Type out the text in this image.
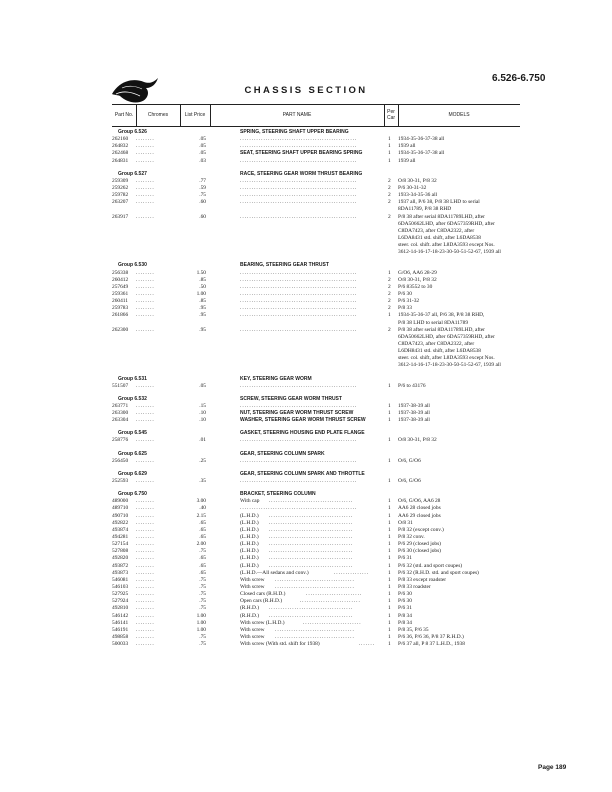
CHASSIS SECTION
6.526-6.750
Part No.	Chromes	List Price	PART NAME	Per Car	MODELS
Group 6.526	SPRING, STEERING SHAFT UPPER BEARING
262160 ........	.05	..................................................	1 1934-35-36-37-38 all
264832 ........	.05	..................................................	1 1939 all
262468 ........	.05	SEAT, STEERING SHAFT UPPER BEARING SPRING	1 1934-35-36-37-38 all
264831 ........	.03	..................................................	1 1939 all
Group 6.527	RACE, STEERING GEAR WORM THRUST BEARING
259309 ........	.77	..................................................	2 O/8 30-31, P/8 32
259262 ........	.59	..................................................	2 P/6 30-31-32
259782 ........	.75	..................................................	2 1933-34-35-36 all
263207 ........	.60	..................................................	2 1937 all, P/6 38, P/8 38 LHD to serial
8DA11789, P/8 38 RHD
263917 ........	.60	..................................................	2 P/8 38 after serial 8DA11789LHD, after
6DA50662LHD, after 6DA57359RHD, after
C8DA7423, after C8DA2322, after
L6DA8431 std. shift, after L6DA8538
steer. col. shift. after L8DA3593 except Nos.
3612-14-16-17-18-23-30-50-51-52-67, 1939 all
Group 6.530	BEARING, STEERING GEAR THRUST
256338 ........	1.50	..................................................	1 G/O6, AA6 28-29
260412 ........	.85	..................................................	2 O/8 30-31, P/8 32
257649 ........	.50	..................................................	2 P/6 83552 to 30
259361 ........	1.00	..................................................	2 P/6 30
260411 ........	.85	..................................................	2 P/6 31-32
259783 ........	.95	..................................................	2 P/8 33
261866 ........	.95	..................................................	1 1934-35-36-37 all, P/6 38, P/8 38 RHD,
P/8 38 LHD to serial 8DA11789
262300 ........	.95	..................................................	2 P/8 38 after serial 8DA11789LHD, after
6DA50662LHD, after 6DA57359RHD, after
C8DA7423, after C8DA2322, after
L6DH8431 std. shift, after L6DA8538
steer. col. shift, after L8DA3593 except Nos.
3612-14-16-17-18-23-30-50-51-52-67, 1939 all
Group 6.531	KEY, STEERING GEAR WORM
551507 ........	.05	..................................................	1 P/6 to 43176
Group 6.532	SCREW, STEERING GEAR WORM THRUST
263771 ........	.15	..................................................	1 1937-38-39 all
263300 ........	.10	NUT, STEERING GEAR WORM THRUST SCREW	1 1937-38-39 all
263304 ........	.10	WASHER, STEERING GEAR WORM THRUST SCREW	1 1937-38-39 all
Group 6.545	GASKET, STEERING HOUSING END PLATE FLANGE
258776 ........	.01	..................................................	1 O/8 30-31, P/8 32
Group 6.625	GEAR, STEERING COLUMN SPARK
256450 ........	.25	..................................................	1 O/6, G/O6
Group 6.629	GEAR, STEERING COLUMN SPARK AND THROTTLE
252593 ........	.35	..................................................	1 O/6, G/O6
Group 6.750	BRACKET, STEERING COLUMN
489000 ........	3.00	With cap ....................................	1 O/6, G/O6, AA6 28
489710 ........	.40	..................................................	1 AA6 28 closed jobs
490710 ........	2.15	(L.H.D.) ....................................	1 AA6 29 closed jobs
492822 ........	.65	(L.H.D.) ....................................	1 O/8 31
493874 ........	.65	(L.H.D.) ....................................	1 P/8 32 (except conv.)
494281 ........	.65	(L.H.D.) ....................................	1 P/8 32 conv.
527154 ........	2.00	(L.H.D.) ....................................	1 P/6 29 (closed jobs)
527808 ........	.75	(L.H.D.) ....................................	1 P/6 30 (closed jobs)
492820 ........	.65	(L.H.D.) ....................................	1 P/6 31
493872 ........	.65	(L.H.D.) ....................................	1 P/6 32 (std. and sport coupes)
493873 ........	.65	(L.H.D.—All sedans and conv.)	...............	1 P/6 32 (R.H.D. std. and sport coupes)
546081 ........	.75	With screw ..................................	1 P/8 33 except roadster
546103 ........	.75	With screw ..................................	1 P/8 33 roadster
527925 ........	.75	Closed cars (R.H.D.)	........................	1 P/6 30
527924 ........	.75	Open cars (R.H.D.)	..........................	1 P/6 30
492810 ........	.75	(R.H.D.) ....................................	1 P/6 31
546142 ........	1.00	(R.H.D.) ....................................	1 P/8 34
546141 ........	1.00	With screw (L.H.D.)	.........................	1 P/8 34
546191 ........	1.00	With screw ..................................	1 P/8 35, P/6 35
498858 ........	.75	With screw ..................................	1 P/6 36, P/6 36, P/8 37 R.H.D.)
500033 ........	.75	With screw (With std. shift for 1938)	....... 1 P/6 37 all, P 8 37 L.H.D., 1938
Page 189
